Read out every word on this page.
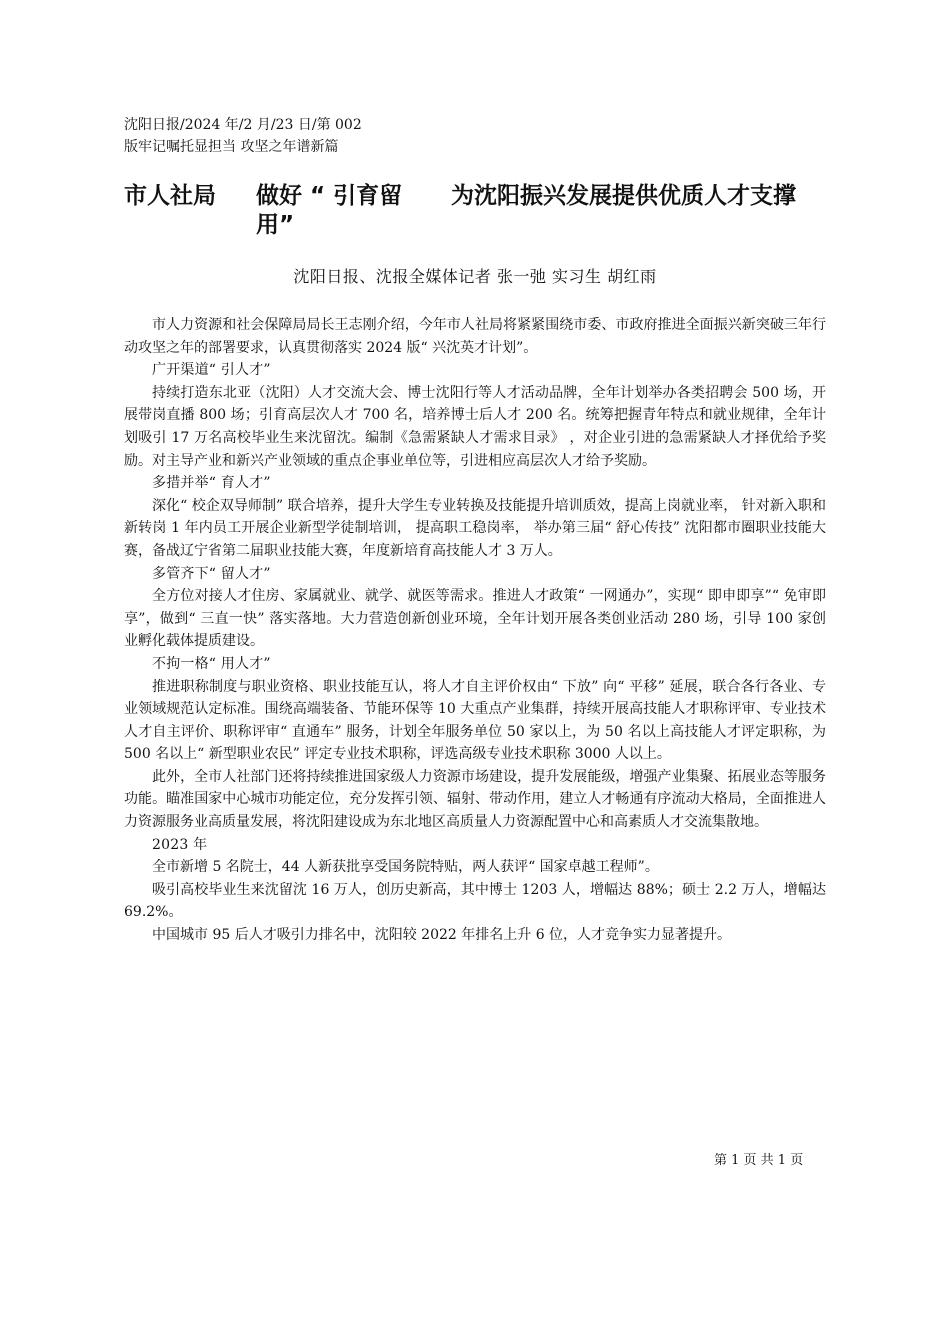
沈阳日报/2024 年/2 月/23 日/第 002
版牢记嘱托显担当 攻坚之年谱新篇
市人社局 做好 “ 引育留用”
为沈阳振兴发展提供优质人才支撑
沈阳日报、沈报全媒体记者 张一弛 实习生 胡红雨

市人力资源和社会保障局局长王志刚介绍，今年市人社局将紧紧围绕市委、市政府推进全面振兴新突破三年行动攻坚之年的部署要求，认真贯彻落实 2024 版“ 兴沈英才计划”。

广开渠道“ 引人才”

持续打造东北亚（沈阳）人才交流大会、博士沈阳行等人才活动品牌，全年计划举办各类招聘会 500 场，开展带岗直播 800 场；引育高层次人才 700 名，培养博士后人才 200 名。统筹把握青年特点和就业规律，全年计划吸引 17 万名高校毕业生来沈留沈。编制《急需紧缺人才需求目录》 ，对企业引进的急需紧缺人才择优给予奖励。对主导产业和新兴产业领域的重点企事业单位等，引进相应高层次人才给予奖励。

多措并举“ 育人才”

深化“ 校企双导师制” 联合培养，提升大学生专业转换及技能提升培训质效，提高上岗就业率， 针对新入职和新转岗 1 年内员工开展企业新型学徒制培训， 提高职工稳岗率， 举办第三届“ 舒心传技” 沈阳都市圈职业技能大赛，备战辽宁省第二届职业技能大赛，年度新培育高技能人才 3 万人。

多管齐下“ 留人才”

全方位对接人才住房、家属就业、就学、就医等需求。推进人才政策“ 一网通办”，实现“ 即申即享”“ 免审即享”，做到“ 三直一快” 落实落地。大力营造创新创业环境，全年计划开展各类创业活动 280 场，引导 100 家创业孵化载体提质建设。

不拘一格“ 用人才”

推进职称制度与职业资格、职业技能互认，将人才自主评价权由“ 下放” 向“ 平移” 延展，联合各行各业、专业领域规范认定标准。围绕高端装备、节能环保等 10 大重点产业集群，持续开展高技能人才职称评审、专业技术人才自主评价、职称评审“ 直通车” 服务，计划全年服务单位 50 家以上，为 50 名以上高技能人才评定职称，为 500 名以上“ 新型职业农民” 评定专业技术职称，评选高级专业技术职称 3000 人以上。

此外，全市人社部门还将持续推进国家级人力资源市场建设，提升发展能级，增强产业集聚、拓展业态等服务功能。瞄准国家中心城市功能定位，充分发挥引领、辐射、带动作用，建立人才畅通有序流动大格局，全面推进人力资源服务业高质量发展，将沈阳建设成为东北地区高质量人力资源配置中心和高素质人才交流集散地。

2023 年

全市新增 5 名院士，44 人新获批享受国务院特贴，两人获评“ 国家卓越工程师”。

吸引高校毕业生来沈留沈 16 万人，创历史新高，其中博士 1203 人，增幅达 88%；硕士 2.2 万人，增幅达 69.2%。

中国城市 95 后人才吸引力排名中，沈阳较 2022 年排名上升 6 位，人才竞争实力显著提升。

第 1 页 共 1 页
